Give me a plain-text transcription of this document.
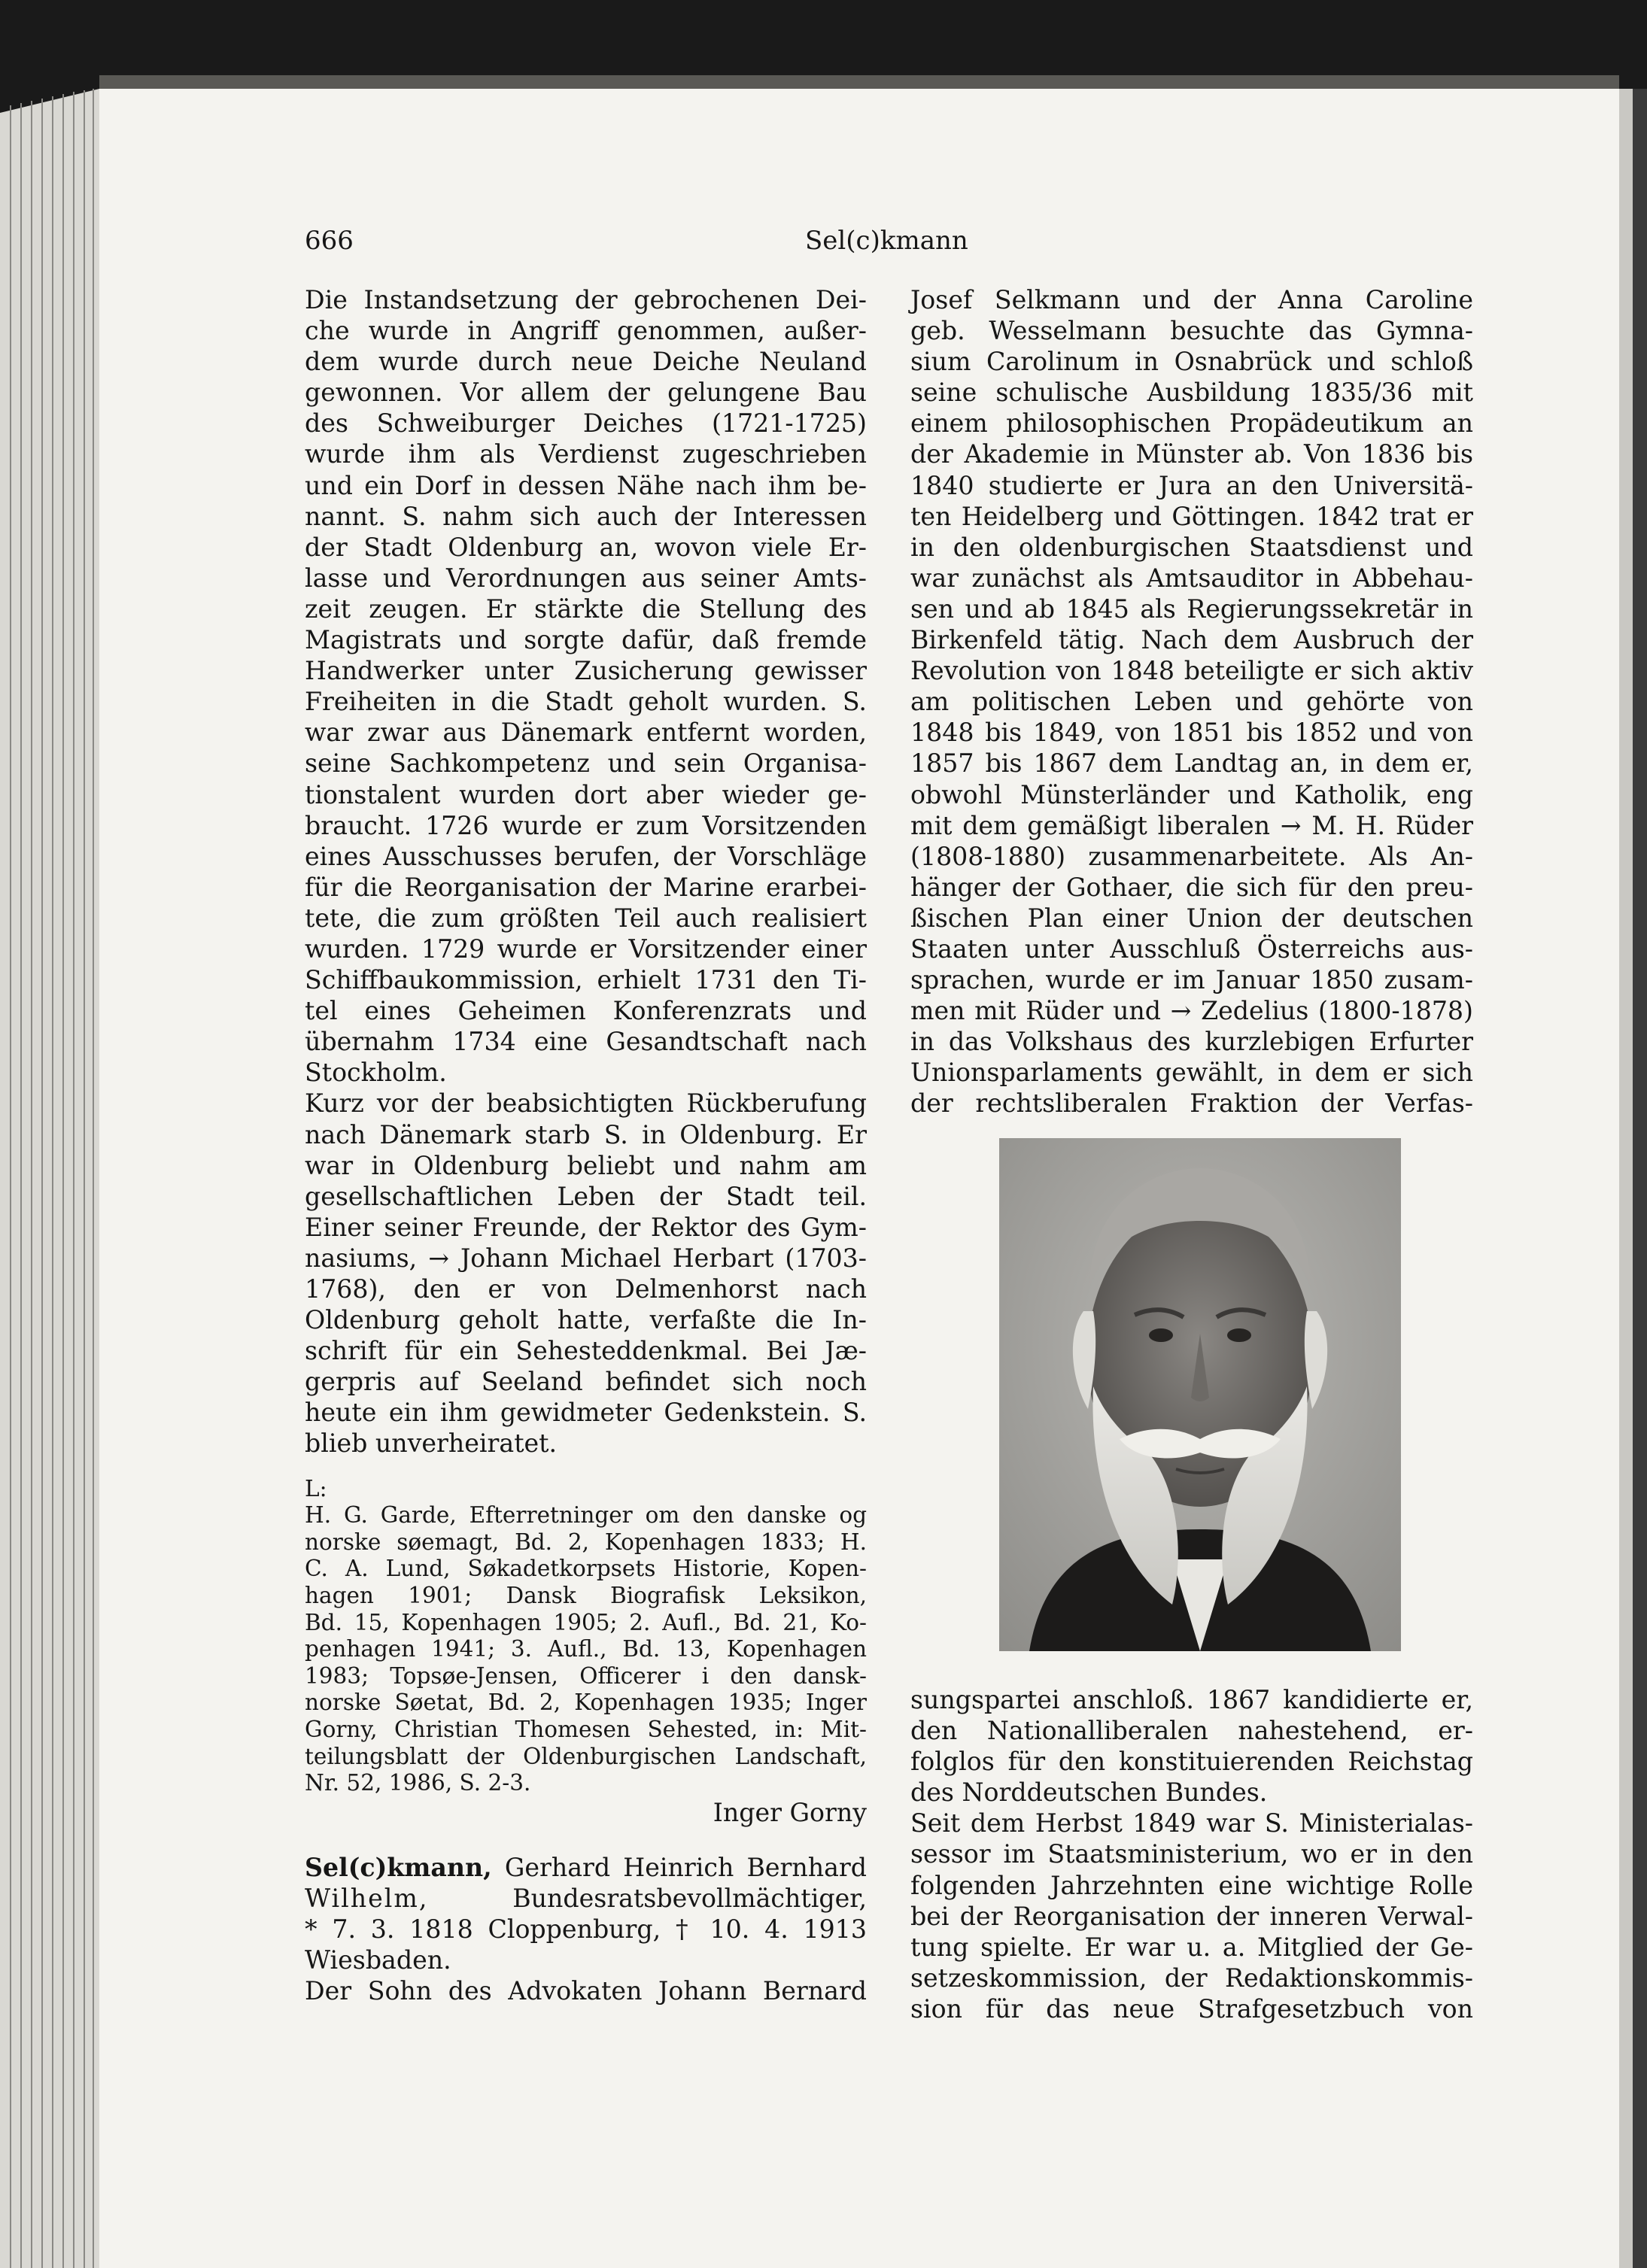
666	Sel(c)kmann
Die Instandsetzung der gebrochenen Dei-
che wurde in Angriff genommen, außer-
dem wurde durch neue Deiche Neuland
gewonnen. Vor allem der gelungene Bau
des Schweiburger Deiches (1721-1725)
wurde ihm als Verdienst zugeschrieben
und ein Dorf in dessen Nähe nach ihm be-
nannt. S. nahm sich auch der Interessen
der Stadt Oldenburg an, wovon viele Er-
lasse und Verordnungen aus seiner Amts-
zeit zeugen. Er stärkte die Stellung des
Magistrats und sorgte dafür, daß fremde
Handwerker unter Zusicherung gewisser
Freiheiten in die Stadt geholt wurden. S.
war zwar aus Dänemark entfernt worden,
seine Sachkompetenz und sein Organisa-
tionstalent wurden dort aber wieder ge-
braucht. 1726 wurde er zum Vorsitzenden
eines Ausschusses berufen, der Vorschläge
für die Reorganisation der Marine erarbei-
tete, die zum größten Teil auch realisiert
wurden. 1729 wurde er Vorsitzender einer
Schiffbaukommission, erhielt 1731 den Ti-
tel eines Geheimen Konferenzrats und
übernahm 1734 eine Gesandtschaft nach
Stockholm.
Kurz vor der beabsichtigten Rückberufung
nach Dänemark starb S. in Oldenburg. Er
war in Oldenburg beliebt und nahm am
gesellschaftlichen Leben der Stadt teil.
Einer seiner Freunde, der Rektor des Gym-
nasiums, → Johann Michael Herbart (1703-
1768), den er von Delmenhorst nach
Oldenburg geholt hatte, verfaßte die In-
schrift für ein Sehesteddenkmal. Bei Jæ-
gerpris auf Seeland befindet sich noch
heute ein ihm gewidmeter Gedenkstein. S.
blieb unverheiratet.
L:
H. G. Garde, Efterretninger om den danske og
norske søemagt, Bd. 2, Kopenhagen 1833; H.
C. A. Lund, Søkadetkorpsets Historie, Kopen-
hagen 1901; Dansk Biografisk Leksikon,
Bd. 15, Kopenhagen 1905; 2. Aufl., Bd. 21, Ko-
penhagen 1941; 3. Aufl., Bd. 13, Kopenhagen
1983; Topsøe-Jensen, Officerer i den dansk-
norske Søetat, Bd. 2, Kopenhagen 1935; Inger
Gorny, Christian Thomesen Sehested, in: Mit-
teilungsblatt der Oldenburgischen Landschaft,
Nr. 52, 1986, S. 2-3.
Inger Gorny
Sel(c)kmann, Gerhard Heinrich Bernhard
Wilhelm,	Bundesratsbevollmächtiger,
* 7. 3. 1818 Cloppenburg, † 10. 4. 1913
Wiesbaden.
Der Sohn des Advokaten Johann Bernard
Josef Selkmann und der Anna Caroline
geb. Wesselmann besuchte das Gymna-
sium Carolinum in Osnabrück und schloß
seine schulische Ausbildung 1835/36 mit
einem philosophischen Propädeutikum an
der Akademie in Münster ab. Von 1836 bis
1840 studierte er Jura an den Universitä-
ten Heidelberg und Göttingen. 1842 trat er
in den oldenburgischen Staatsdienst und
war zunächst als Amtsauditor in Abbehau-
sen und ab 1845 als Regierungssekretär in
Birkenfeld tätig. Nach dem Ausbruch der
Revolution von 1848 beteiligte er sich aktiv
am politischen Leben und gehörte von
1848 bis 1849, von 1851 bis 1852 und von
1857 bis 1867 dem Landtag an, in dem er,
obwohl Münsterländer und Katholik, eng
mit dem gemäßigt liberalen → M. H. Rüder
(1808-1880) zusammenarbeitete. Als An-
hänger der Gothaer, die sich für den preu-
ßischen Plan einer Union der deutschen
Staaten unter Ausschluß Österreichs aus-
sprachen, wurde er im Januar 1850 zusam-
men mit Rüder und → Zedelius (1800-1878)
in das Volkshaus des kurzlebigen Erfurter
Unionsparlaments gewählt, in dem er sich
der rechtsliberalen Fraktion der Verfas-
sungspartei anschloß. 1867 kandidierte er,
den Nationalliberalen nahestehend, er-
folglos für den konstituierenden Reichstag
des Norddeutschen Bundes.
Seit dem Herbst 1849 war S. Ministerialas-
sessor im Staatsministerium, wo er in den
folgenden Jahrzehnten eine wichtige Rolle
bei der Reorganisation der inneren Verwal-
tung spielte. Er war u. a. Mitglied der Ge-
setzeskommission, der Redaktionskommis-
sion für das neue Strafgesetzbuch von
